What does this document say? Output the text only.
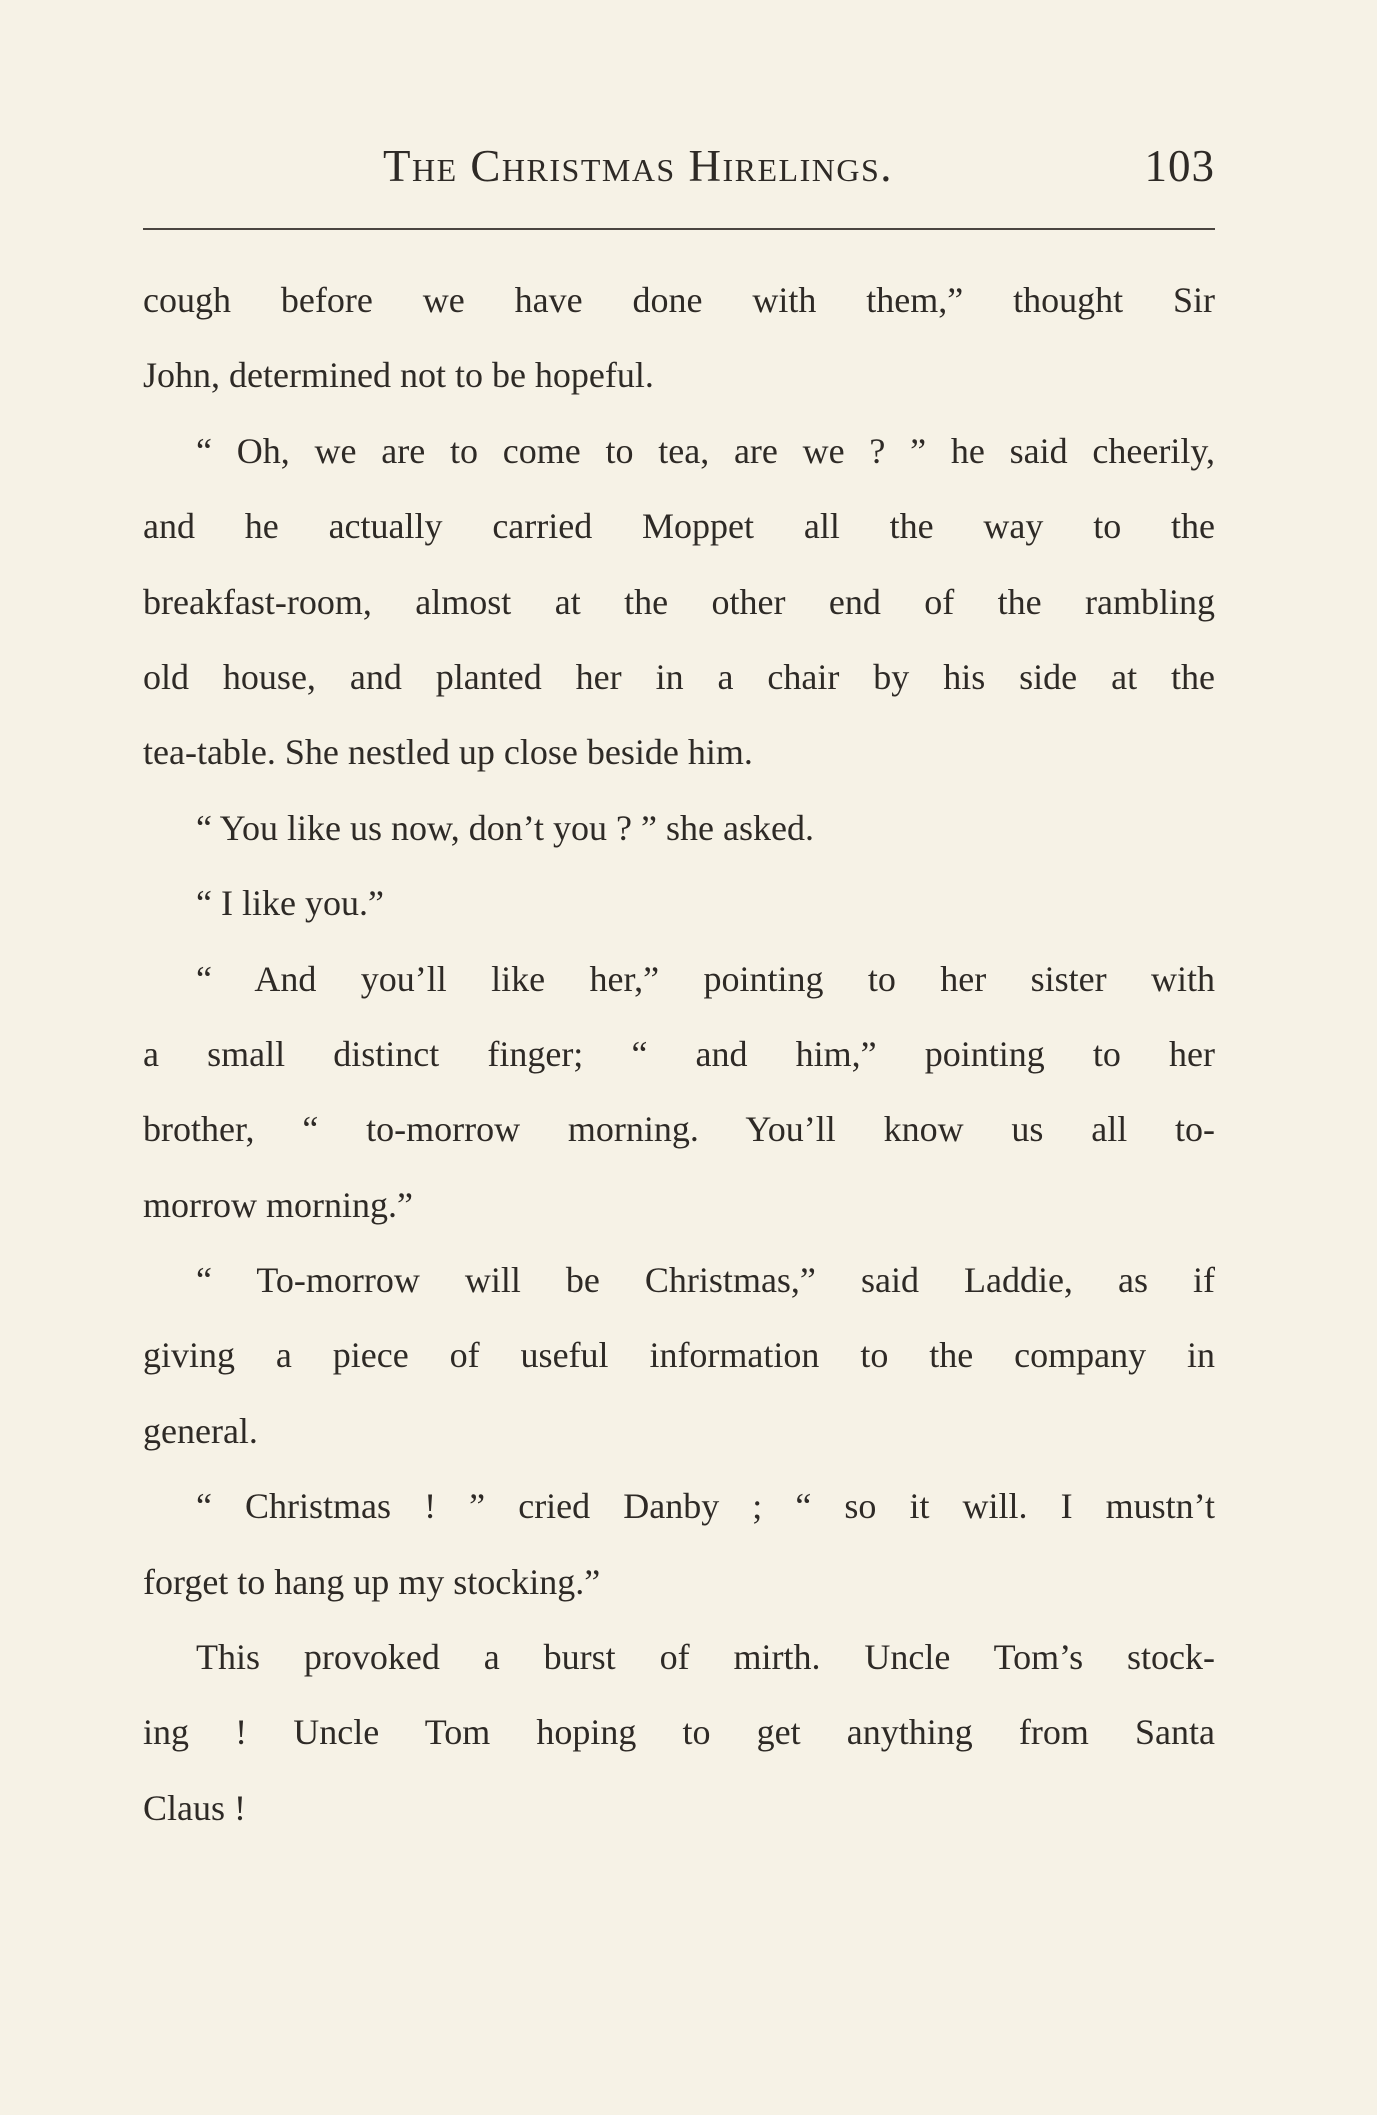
The Christmas Hirelings.	103
cough before we have done with them,” thought Sir
John, determined not to be hopeful.
“ Oh, we are to come to tea, are we ? ” he said cheerily,
and he actually carried Moppet all the way to the
breakfast-room, almost at the other end of the rambling
old house, and planted her in a chair by his side at the
tea-table. She nestled up close beside him.
“ You like us now, don’t you ? ” she asked.
“ I like you.”
“ And you’ll like her,” pointing to her sister with
a small distinct finger; “ and him,” pointing to her
brother, “ to-morrow morning. You’ll know us all to-
morrow morning.”
“ To-morrow will be Christmas,” said Laddie, as if
giving a piece of useful information to the company in
general.
“ Christmas ! ” cried Danby ; “ so it will. I mustn’t
forget to hang up my stocking.”
This provoked a burst of mirth. Uncle Tom’s stock-
ing ! Uncle Tom hoping to get anything from Santa
Claus !
